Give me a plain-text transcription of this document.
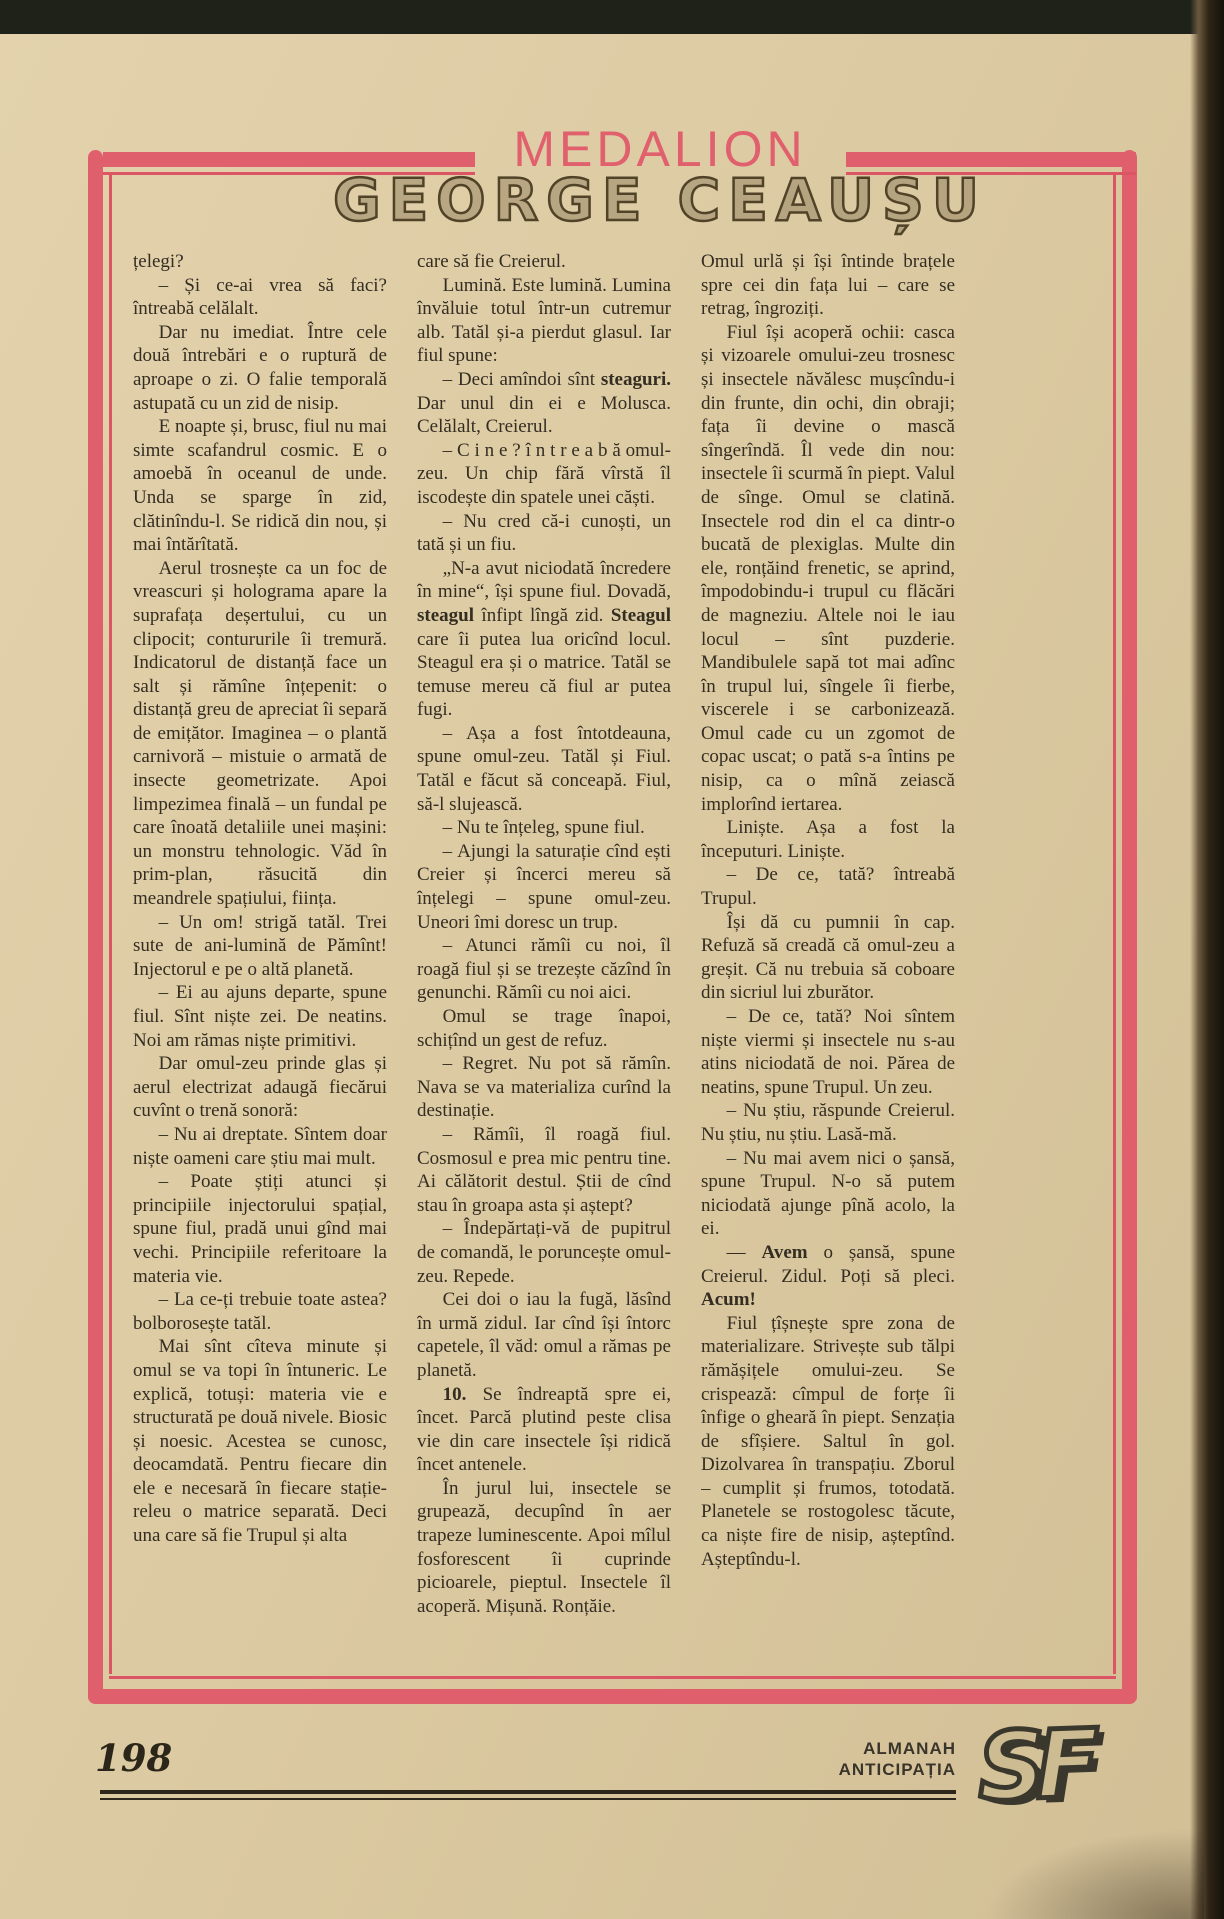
MEDALION
GEORGE CEAUȘU

țelegi?

– Și ce-ai vrea să faci? întreabă celălalt.

Dar nu imediat. Între cele două întrebări e o ruptură de aproape o zi. O falie temporală astupată cu un zid de nisip.

E noapte și, brusc, fiul nu mai simte scafandrul cosmic. E o amoebă în oceanul de unde. Unda se sparge în zid, clătinîndu-l. Se ridică din nou, și mai întărîtată.

Aerul trosnește ca un foc de vreascuri și holograma apare la suprafața deșertului, cu un clipocit; contururile îi tremură. Indicatorul de distanță face un salt și rămîne înțepenit: o distanță greu de apreciat îi separă de emițător. Imaginea – o plantă carnivoră – mistuie o armată de insecte geometrizate. Apoi limpezimea finală – un fundal pe care înoată detaliile unei mașini: un monstru tehnologic. Văd în prim-plan, răsucită din meandrele spațiului, ființa.

– Un om! strigă tatăl. Trei sute de ani-lumină de Pămînt! Injectorul e pe o altă planetă.

– Ei au ajuns departe, spune fiul. Sînt niște zei. De neatins. Noi am rămas niște primitivi.

Dar omul-zeu prinde glas și aerul electrizat adaugă fiecărui cuvînt o trenă sonoră:

– Nu ai dreptate. Sîntem doar niște oameni care știu mai mult.

– Poate știți atunci și principiile injectorului spațial, spune fiul, pradă unui gînd mai vechi. Principiile referitoare la materia vie.

– La ce-ți trebuie toate astea? bolborosește tatăl.

Mai sînt cîteva minute și omul se va topi în întuneric. Le explică, totuși: materia vie e structurată pe două nivele. Biosic și noesic. Acestea se cunosc, deocamdată. Pentru fiecare din ele e necesară în fiecare stație-releu o matrice separată. Deci una care să fie Trupul și alta

care să fie Creierul.

Lumină. Este lumină. Lumina învăluie totul într-un cutremur alb. Tatăl și-a pierdut glasul. Iar fiul spune:

– Deci amîndoi sînt steaguri. Dar unul din ei e Molusca. Celălalt, Creierul.

– C i n e ? î n t r e a b ă omul-zeu. Un chip fără vîrstă îl iscodește din spatele unei căști.

– Nu cred că-i cunoști, un tată și un fiu.

„N-a avut niciodată încredere în mine“, își spune fiul. Dovadă, steagul înfipt lîngă zid. Steagul care îi putea lua oricînd locul. Steagul era și o matrice. Tatăl se temuse mereu că fiul ar putea fugi.

– Așa a fost întotdeauna, spune omul-zeu. Tatăl și Fiul. Tatăl e făcut să conceapă. Fiul, să-l slujească.

– Nu te înțeleg, spune fiul.

– Ajungi la saturație cînd ești Creier și încerci mereu să înțelegi – spune omul-zeu. Uneori îmi doresc un trup.

– Atunci rămîi cu noi, îl roagă fiul și se trezește căzînd în genunchi. Rămîi cu noi aici.

Omul se trage înapoi, schițînd un gest de refuz.

– Regret. Nu pot să rămîn. Nava se va materializa curînd la destinație.

– Rămîi, îl roagă fiul. Cosmosul e prea mic pentru tine. Ai călătorit destul. Știi de cînd stau în groapa asta și aștept?

– Îndepărtați-vă de pupitrul de comandă, le poruncește omul-zeu. Repede.

Cei doi o iau la fugă, lăsînd în urmă zidul. Iar cînd își întorc capetele, îl văd: omul a rămas pe planetă.

10. Se îndreaptă spre ei, încet. Parcă plutind peste clisa vie din care insectele își ridică încet antenele.

În jurul lui, insectele se grupează, decupînd în aer trapeze luminescente. Apoi mîlul fosforescent îi cuprinde picioarele, pieptul. Insectele îl acoperă. Mișună. Ronțăie.

Omul urlă și își întinde brațele spre cei din fața lui – care se retrag, îngroziți.

Fiul își acoperă ochii: casca și vizoarele omului-zeu trosnesc și insectele năvălesc mușcîndu-i din frunte, din ochi, din obraji; fața îi devine o mască sîngerîndă. Îl vede din nou: insectele îi scurmă în piept. Valul de sînge. Omul se clatină. Insectele rod din el ca dintr-o bucată de plexiglas. Multe din ele, ronțăind frenetic, se aprind, împodobindu-i trupul cu flăcări de magneziu. Altele noi le iau locul – sînt puzderie. Mandibulele sapă tot mai adînc în trupul lui, sîngele îi fierbe, viscerele i se carbonizează. Omul cade cu un zgomot de copac uscat; o pată s-a întins pe nisip, ca o mînă zeiască implorînd iertarea.

Liniște. Așa a fost la începuturi. Liniște.

– De ce, tată? întreabă Trupul.

Își dă cu pumnii în cap. Refuză să creadă că omul-zeu a greșit. Că nu trebuia să coboare din sicriul lui zburător.

– De ce, tată? Noi sîntem niște viermi și insectele nu s-au atins niciodată de noi. Părea de neatins, spune Trupul. Un zeu.

– Nu știu, răspunde Creierul. Nu știu, nu știu. Lasă-mă.

– Nu mai avem nici o șansă, spune Trupul. N-o să putem niciodată ajunge pînă acolo, la ei.

— Avem o șansă, spune Creierul. Zidul. Poți să pleci. Acum!

Fiul țîșnește spre zona de materializare. Strivește sub tălpi rămășițele omului-zeu. Se crispează: cîmpul de forțe îi înfige o gheară în piept. Senzația de sfîșiere. Saltul în gol. Dizolvarea în transpațiu. Zborul – cumplit și frumos, totodată. Planetele se rostogolesc tăcute, ca niște fire de nisip, așteptînd. Așteptîndu-l.

198	ALMANAH
ANTICIPAȚIA SF
